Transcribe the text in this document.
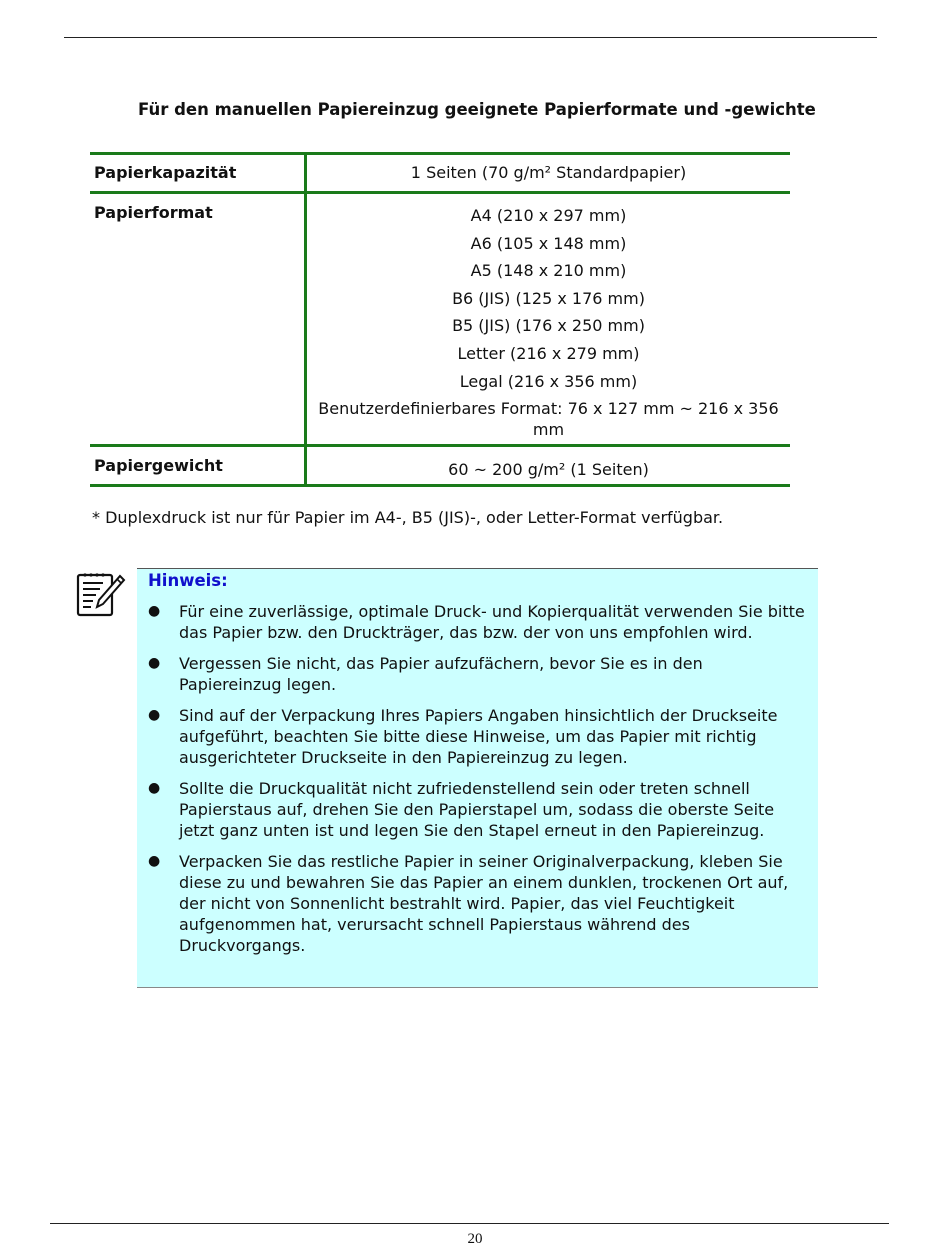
Für den manuellen Papiereinzug geeignete Papierformate und -gewichte
Papierkapazität	1 Seiten (70 g/m² Standardpapier)
Papierformat	A4 (210 x 297 mm)
A6 (105 x 148 mm)
A5 (148 x 210 mm)
B6 (JIS) (125 x 176 mm)
B5 (JIS) (176 x 250 mm)
Letter (216 x 279 mm)
Legal (216 x 356 mm)
Benutzerdefinierbares Format: 76 x 127 mm ~ 216 x 356 mm
Papiergewicht	60 ~ 200 g/m² (1 Seiten)
* Duplexdruck ist nur für Papier im A4-, B5 (JIS)-, oder Letter-Format verfügbar.
Hinweis:
● Für eine zuverlässige, optimale Druck- und Kopierqualität verwenden Sie bitte das Papier bzw. den Druckträger, das bzw. der von uns empfohlen wird.
● Vergessen Sie nicht, das Papier aufzufächern, bevor Sie es in den Papiereinzug legen.
● Sind auf der Verpackung Ihres Papiers Angaben hinsichtlich der Druckseite aufgeführt, beachten Sie bitte diese Hinweise, um das Papier mit richtig ausgerichteter Druckseite in den Papiereinzug zu legen.
● Sollte die Druckqualität nicht zufriedenstellend sein oder treten schnell Papierstaus auf, drehen Sie den Papierstapel um, sodass die oberste Seite jetzt ganz unten ist und legen Sie den Stapel erneut in den Papiereinzug.
● Verpacken Sie das restliche Papier in seiner Originalverpackung, kleben Sie diese zu und bewahren Sie das Papier an einem dunklen, trockenen Ort auf, der nicht von Sonnenlicht bestrahlt wird. Papier, das viel Feuchtigkeit aufgenommen hat, verursacht schnell Papierstaus während des Druckvorgangs.
20
